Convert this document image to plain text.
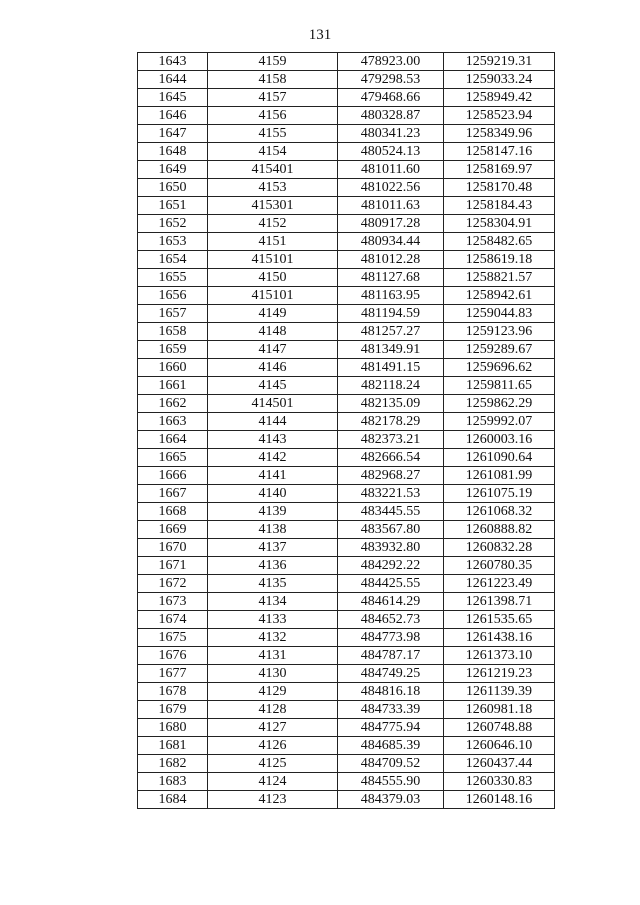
131
1643	4159	478923.00	1259219.31
1644	4158	479298.53	1259033.24
1645	4157	479468.66	1258949.42
1646	4156	480328.87	1258523.94
1647	4155	480341.23	1258349.96
1648	4154	480524.13	1258147.16
1649	415401	481011.60	1258169.97
1650	4153	481022.56	1258170.48
1651	415301	481011.63	1258184.43
1652	4152	480917.28	1258304.91
1653	4151	480934.44	1258482.65
1654	415101	481012.28	1258619.18
1655	4150	481127.68	1258821.57
1656	415101	481163.95	1258942.61
1657	4149	481194.59	1259044.83
1658	4148	481257.27	1259123.96
1659	4147	481349.91	1259289.67
1660	4146	481491.15	1259696.62
1661	4145	482118.24	1259811.65
1662	414501	482135.09	1259862.29
1663	4144	482178.29	1259992.07
1664	4143	482373.21	1260003.16
1665	4142	482666.54	1261090.64
1666	4141	482968.27	1261081.99
1667	4140	483221.53	1261075.19
1668	4139	483445.55	1261068.32
1669	4138	483567.80	1260888.82
1670	4137	483932.80	1260832.28
1671	4136	484292.22	1260780.35
1672	4135	484425.55	1261223.49
1673	4134	484614.29	1261398.71
1674	4133	484652.73	1261535.65
1675	4132	484773.98	1261438.16
1676	4131	484787.17	1261373.10
1677	4130	484749.25	1261219.23
1678	4129	484816.18	1261139.39
1679	4128	484733.39	1260981.18
1680	4127	484775.94	1260748.88
1681	4126	484685.39	1260646.10
1682	4125	484709.52	1260437.44
1683	4124	484555.90	1260330.83
1684	4123	484379.03	1260148.16
